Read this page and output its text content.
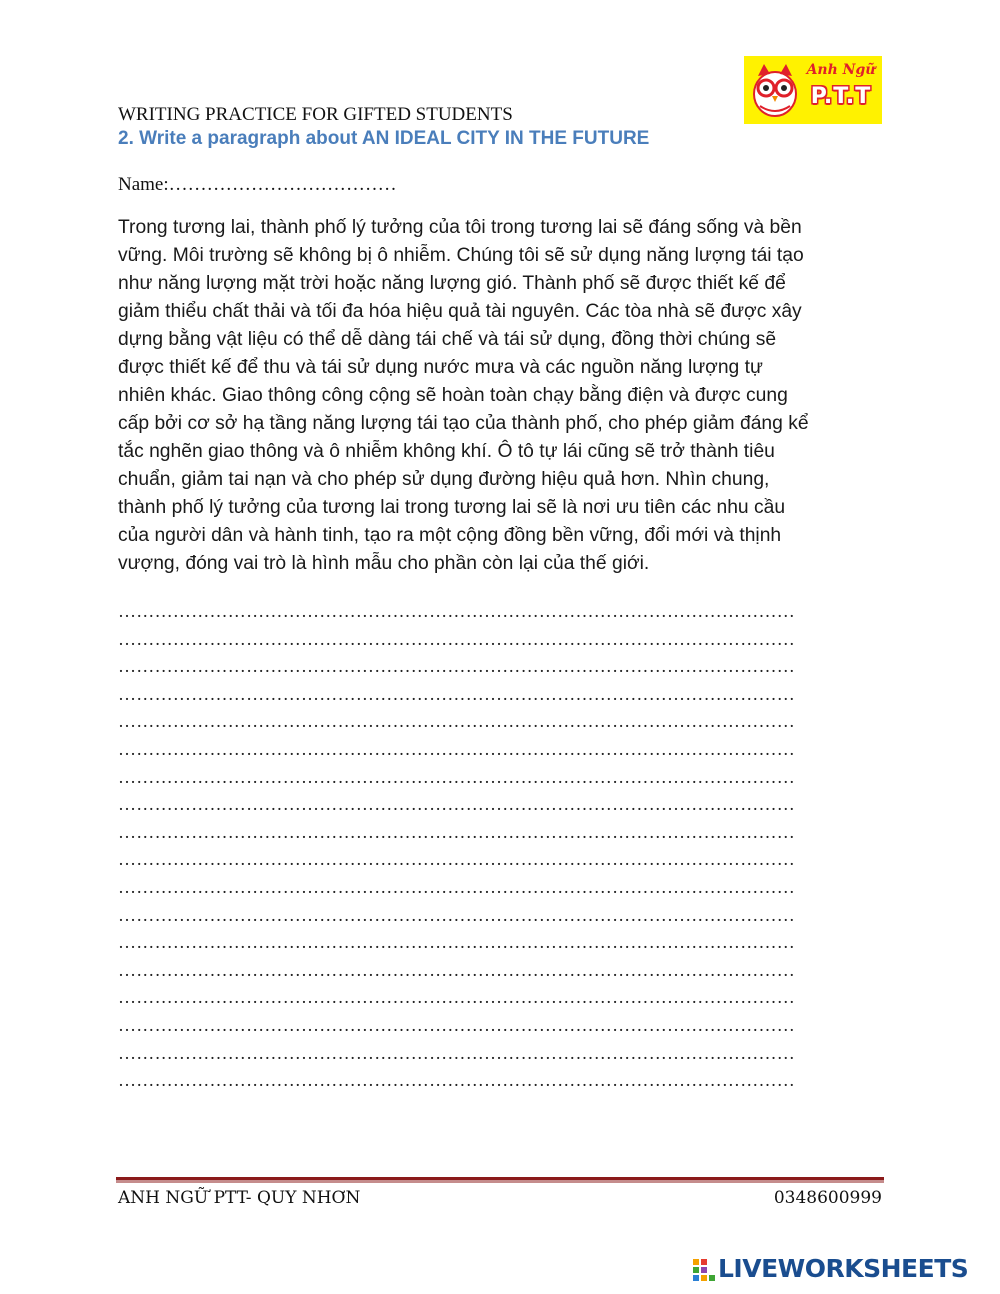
Anh Ngữ
P.T.T
WRITING PRACTICE FOR GIFTED STUDENTS
2. Write a paragraph about AN IDEAL CITY IN THE FUTURE
Name:………………………………

Trong tương lai, thành phố lý tưởng của tôi trong tương lai sẽ đáng sống và bền

vững. Môi trường sẽ không bị ô nhiễm. Chúng tôi sẽ sử dụng năng lượng tái tạo

như năng lượng mặt trời hoặc năng lượng gió. Thành phố sẽ được thiết kế để

giảm thiểu chất thải và tối đa hóa hiệu quả tài nguyên. Các tòa nhà sẽ được xây

dựng bằng vật liệu có thể dễ dàng tái chế và tái sử dụng, đồng thời chúng sẽ

được thiết kế để thu và tái sử dụng nước mưa và các nguồn năng lượng tự

nhiên khác. Giao thông công cộng sẽ hoàn toàn chạy bằng điện và được cung

cấp bởi cơ sở hạ tầng năng lượng tái tạo của thành phố, cho phép giảm đáng kể

tắc nghẽn giao thông và ô nhiễm không khí. Ô tô tự lái cũng sẽ trở thành tiêu

chuẩn, giảm tai nạn và cho phép sử dụng đường hiệu quả hơn. Nhìn chung,

thành phố lý tưởng của tương lai trong tương lai sẽ là nơi ưu tiên các nhu cầu

của người dân và hành tinh, tạo ra một cộng đồng bền vững, đổi mới và thịnh

vượng, đóng vai trò là hình mẫu cho phần còn lại của thế giới.

…………………………………………………………………………………………………
…………………………………………………………………………………………………
…………………………………………………………………………………………………
…………………………………………………………………………………………………
…………………………………………………………………………………………………
…………………………………………………………………………………………………
…………………………………………………………………………………………………
…………………………………………………………………………………………………
…………………………………………………………………………………………………
…………………………………………………………………………………………………
…………………………………………………………………………………………………
…………………………………………………………………………………………………
…………………………………………………………………………………………………
…………………………………………………………………………………………………
…………………………………………………………………………………………………
…………………………………………………………………………………………………
…………………………………………………………………………………………………
…………………………………………………………………………………………………
ANH NGỮ PTT- QUY NHƠN	0348600999
LIVEWORKSHEETS
